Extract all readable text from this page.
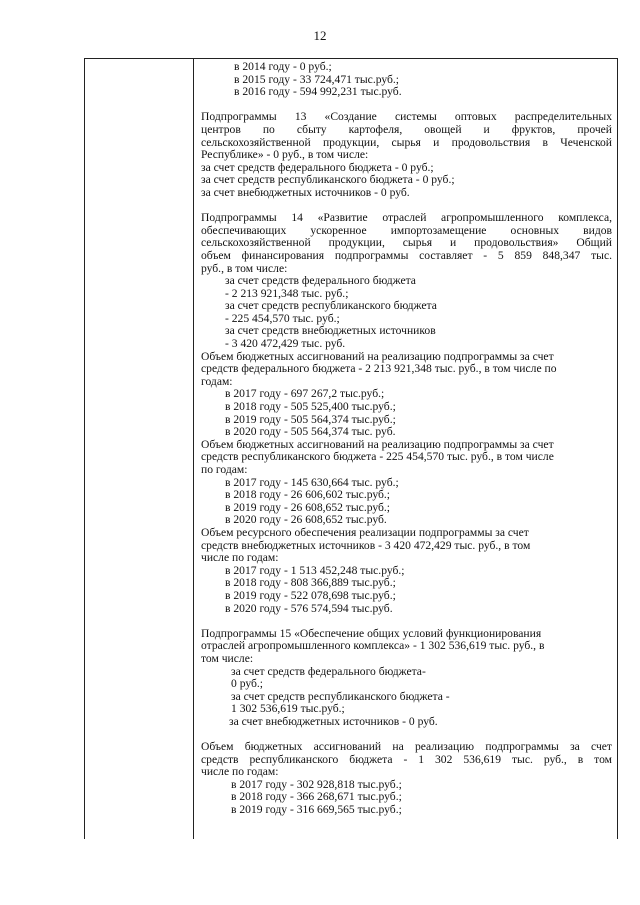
12
в 2014 году - 0 руб.;
в 2015 году - 33 724,471 тыс.руб.;
в 2016 году - 594 992,231 тыс.руб.
Подпрограммы 13 «Создание системы оптовых распределительных
центров по сбыту картофеля, овощей и фруктов, прочей
сельскохозяйственной продукции, сырья и продовольствия в Чеченской
Республике» - 0 руб., в том числе:
за счет средств федерального бюджета - 0 руб.;
за счет средств республиканского бюджета - 0 руб.;
за счет внебюджетных источников - 0 руб.
Подпрограммы 14 «Развитие отраслей агропромышленного комплекса,
обеспечивающих ускоренное импортозамещение основных видов
сельскохозяйственной продукции, сырья и продовольствия» Общий
объем финансирования подпрограммы составляет - 5 859 848,347 тыс.
руб., в том числе:
за счет средств федерального бюджета
- 2 213 921,348 тыс. руб.;
за счет средств республиканского бюджета
- 225 454,570 тыс. руб.;
за счет средств внебюджетных источников
- 3 420 472,429 тыс. руб.
Объем бюджетных ассигнований на реализацию подпрограммы за счет
средств федерального бюджета - 2 213 921,348 тыс. руб., в том числе по
годам:
в 2017 году - 697 267,2 тыс.руб.;
в 2018 году - 505 525,400 тыс.руб.;
в 2019 году - 505 564,374 тыс.руб.;
в 2020 году - 505 564,374 тыс. руб.
Объем бюджетных ассигнований на реализацию подпрограммы за счет
средств республиканского бюджета - 225 454,570 тыс. руб., в том числе
по годам:
в 2017 году - 145 630,664 тыс. руб.;
в 2018 году - 26 606,602 тыс.руб.;
в 2019 году - 26 608,652 тыс.руб.;
в 2020 году - 26 608,652 тыс.руб.
Объем ресурсного обеспечения реализации подпрограммы за счет
средств внебюджетных источников - 3 420 472,429 тыс. руб., в том
числе по годам:
в 2017 году - 1 513 452,248 тыс.руб.;
в 2018 году - 808 366,889 тыс.руб.;
в 2019 году - 522 078,698 тыс.руб.;
в 2020 году - 576 574,594 тыс.руб.
Подпрограммы 15 «Обеспечение общих условий функционирования
отраслей агропромышленного комплекса» - 1 302 536,619 тыс. руб., в
том числе:
за счет средств федерального бюджета-
0 руб.;
за счет средств республиканского бюджета -
1 302 536,619 тыс.руб.;
за счет внебюджетных источников - 0 руб.
Объем бюджетных ассигнований на реализацию подпрограммы за счет
средств республиканского бюджета - 1 302 536,619 тыс. руб., в том
числе по годам:
в 2017 году - 302 928,818 тыс.руб.;
в 2018 году - 366 268,671 тыс.руб.;
в 2019 году - 316 669,565 тыс.руб.;
